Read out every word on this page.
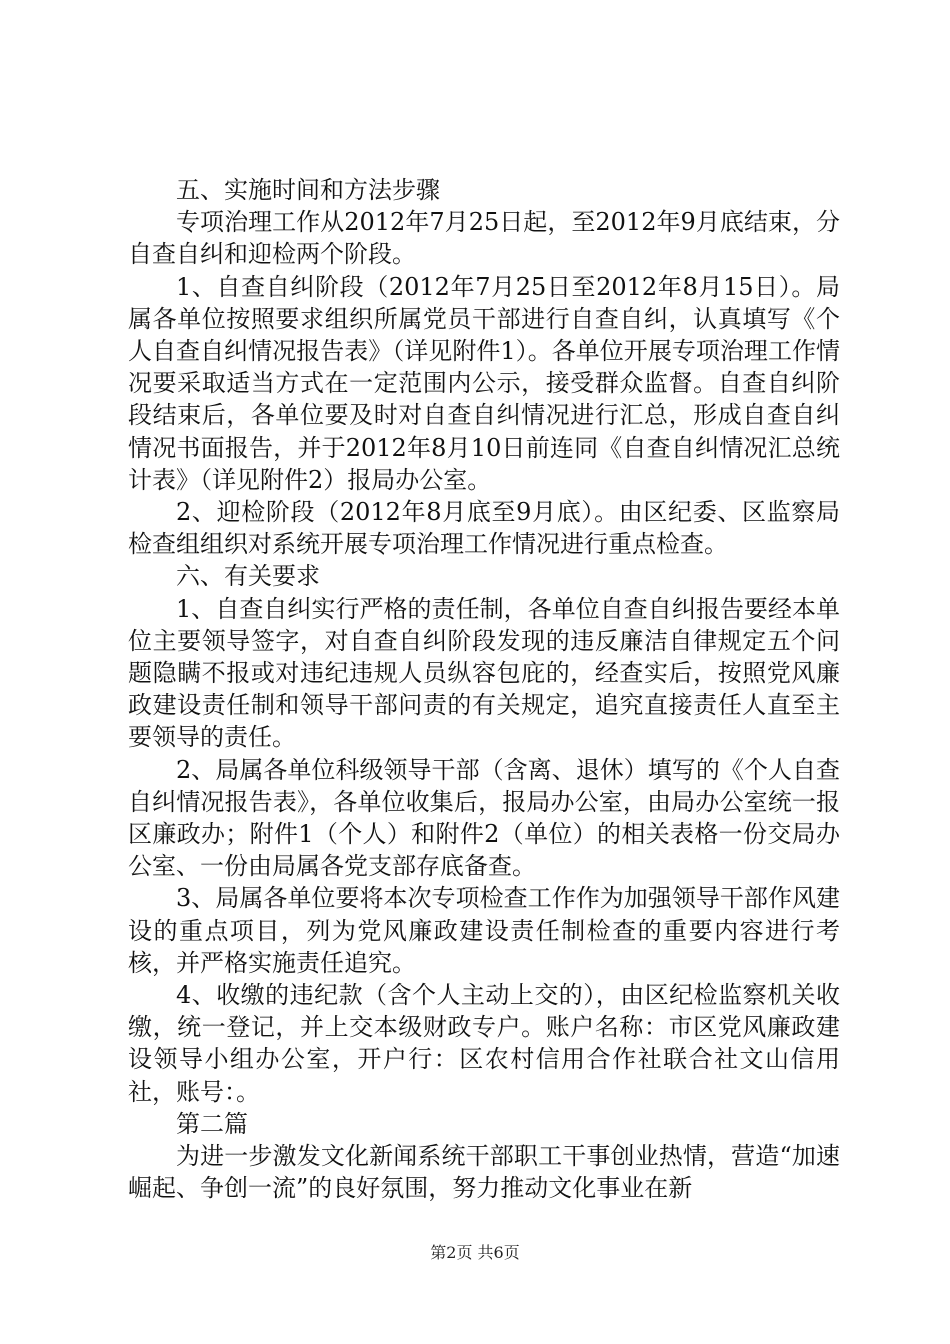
五、实施时间和方法步骤

专项治理工作从2012年7月25日起，至2012年9月底结束，分自查自纠和迎检两个阶段。

1、自查自纠阶段（2012年7月25日至2012年8月15日）。局属各单位按照要求组织所属党员干部进行自查自纠，认真填写《个人自查自纠情况报告表》（详见附件1）。各单位开展专项治理工作情况要采取适当方式在一定范围内公示，接受群众监督。自查自纠阶段结束后，各单位要及时对自查自纠情况进行汇总，形成自查自纠情况书面报告，并于2012年8月10日前连同《自查自纠情况汇总统计表》（详见附件2）报局办公室。

2、迎检阶段（2012年8月底至9月底）。由区纪委、区监察局检查组组织对系统开展专项治理工作情况进行重点检查。

六、有关要求

1、自查自纠实行严格的责任制，各单位自查自纠报告要经本单位主要领导签字，对自查自纠阶段发现的违反廉洁自律规定五个问题隐瞒不报或对违纪违规人员纵容包庇的，经查实后，按照党风廉政建设责任制和领导干部问责的有关规定，追究直接责任人直至主要领导的责任。

2、局属各单位科级领导干部（含离、退休）填写的《个人自查自纠情况报告表》，各单位收集后，报局办公室，由局办公室统一报区廉政办；附件1（个人）和附件2（单位）的相关表格一份交局办公室、一份由局属各党支部存底备查。

3、局属各单位要将本次专项检查工作作为加强领导干部作风建设的重点项目，列为党风廉政建设责任制检查的重要内容进行考核，并严格实施责任追究。

4、收缴的违纪款（含个人主动上交的），由区纪检监察机关收缴，统一登记，并上交本级财政专户。账户名称：市区党风廉政建设领导小组办公室，开户行：区农村信用合作社联合社文山信用社，账号：。

第二篇

为进一步激发文化新闻系统干部职工干事创业热情，营造“加速崛起、争创一流”的良好氛围，努力推动文化事业在新

第2页 共6页
